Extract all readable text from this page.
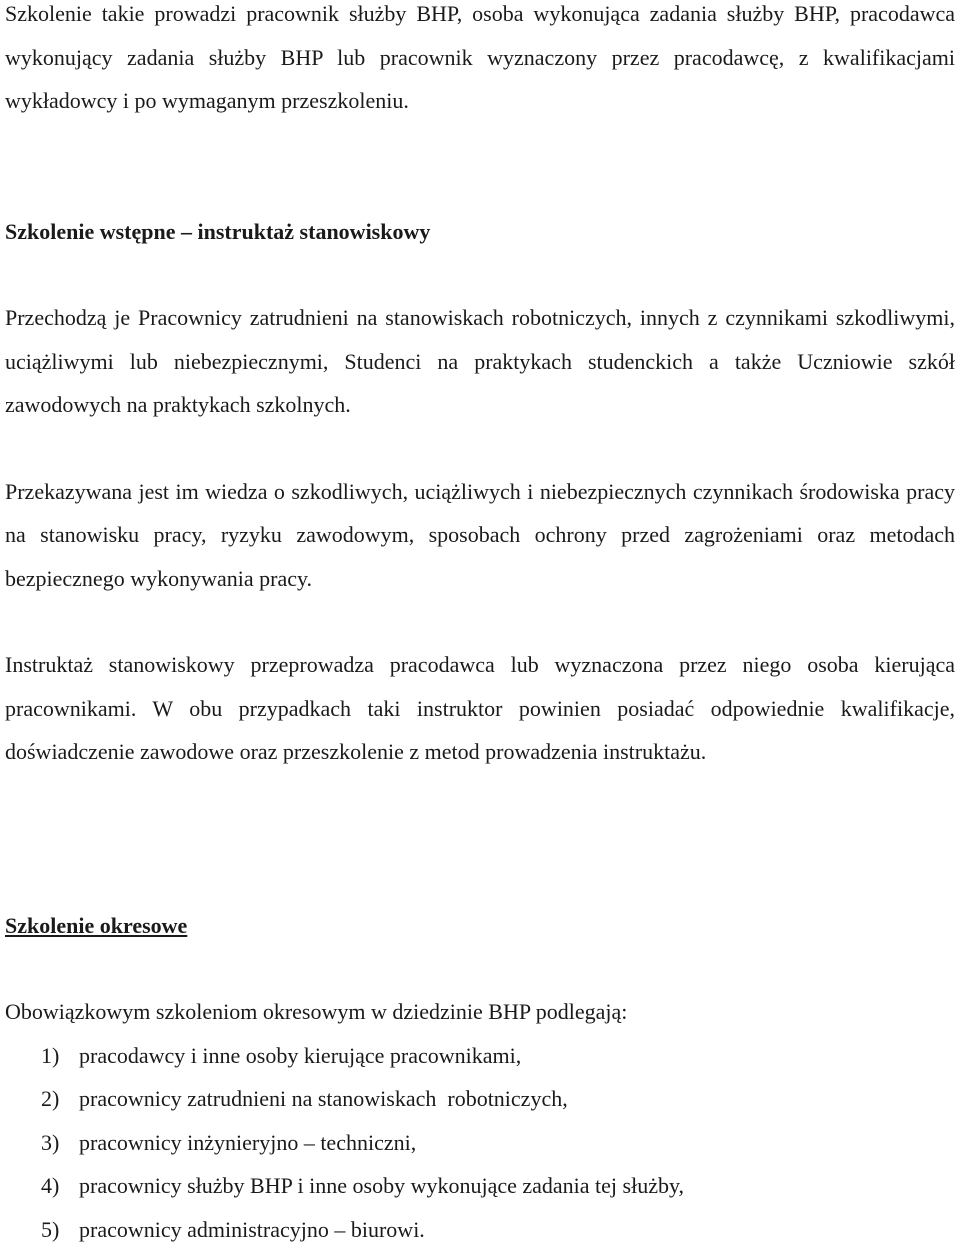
Szkolenie takie prowadzi pracownik służby BHP, osoba wykonująca zadania służby BHP, pracodawca wykonujący zadania służby BHP lub pracownik wyznaczony przez pracodawcę, z kwalifikacjami wykładowcy i po wymaganym przeszkoleniu.

Szkolenie wstępne – instruktaż stanowiskowy

Przechodzą je Pracownicy zatrudnieni na stanowiskach robotniczych, innych z czynnikami szkodliwymi, uciążliwymi lub niebezpiecznymi, Studenci na praktykach studenckich a także Uczniowie szkół zawodowych na praktykach szkolnych.

Przekazywana jest im wiedza o szkodliwych, uciążliwych i niebezpiecznych czynnikach środowiska pracy na stanowisku pracy, ryzyku zawodowym, sposobach ochrony przed zagrożeniami oraz metodach bezpiecznego wykonywania pracy.

Instruktaż stanowiskowy przeprowadza pracodawca lub wyznaczona przez niego osoba kierująca pracownikami. W obu przypadkach taki instruktor powinien posiadać odpowiednie kwalifikacje, doświadczenie zawodowe oraz przeszkolenie z metod prowadzenia instruktażu.

Szkolenie okresowe

Obowiązkowym szkoleniom okresowym w dziedzinie BHP podlegają:

1) pracodawcy i inne osoby kierujące pracownikami,
2) pracownicy zatrudnieni na stanowiskach  robotniczych,
3) pracownicy inżynieryjno – techniczni,
4) pracownicy służby BHP i inne osoby wykonujące zadania tej służby,
5) pracownicy administracyjno – biurowi.
